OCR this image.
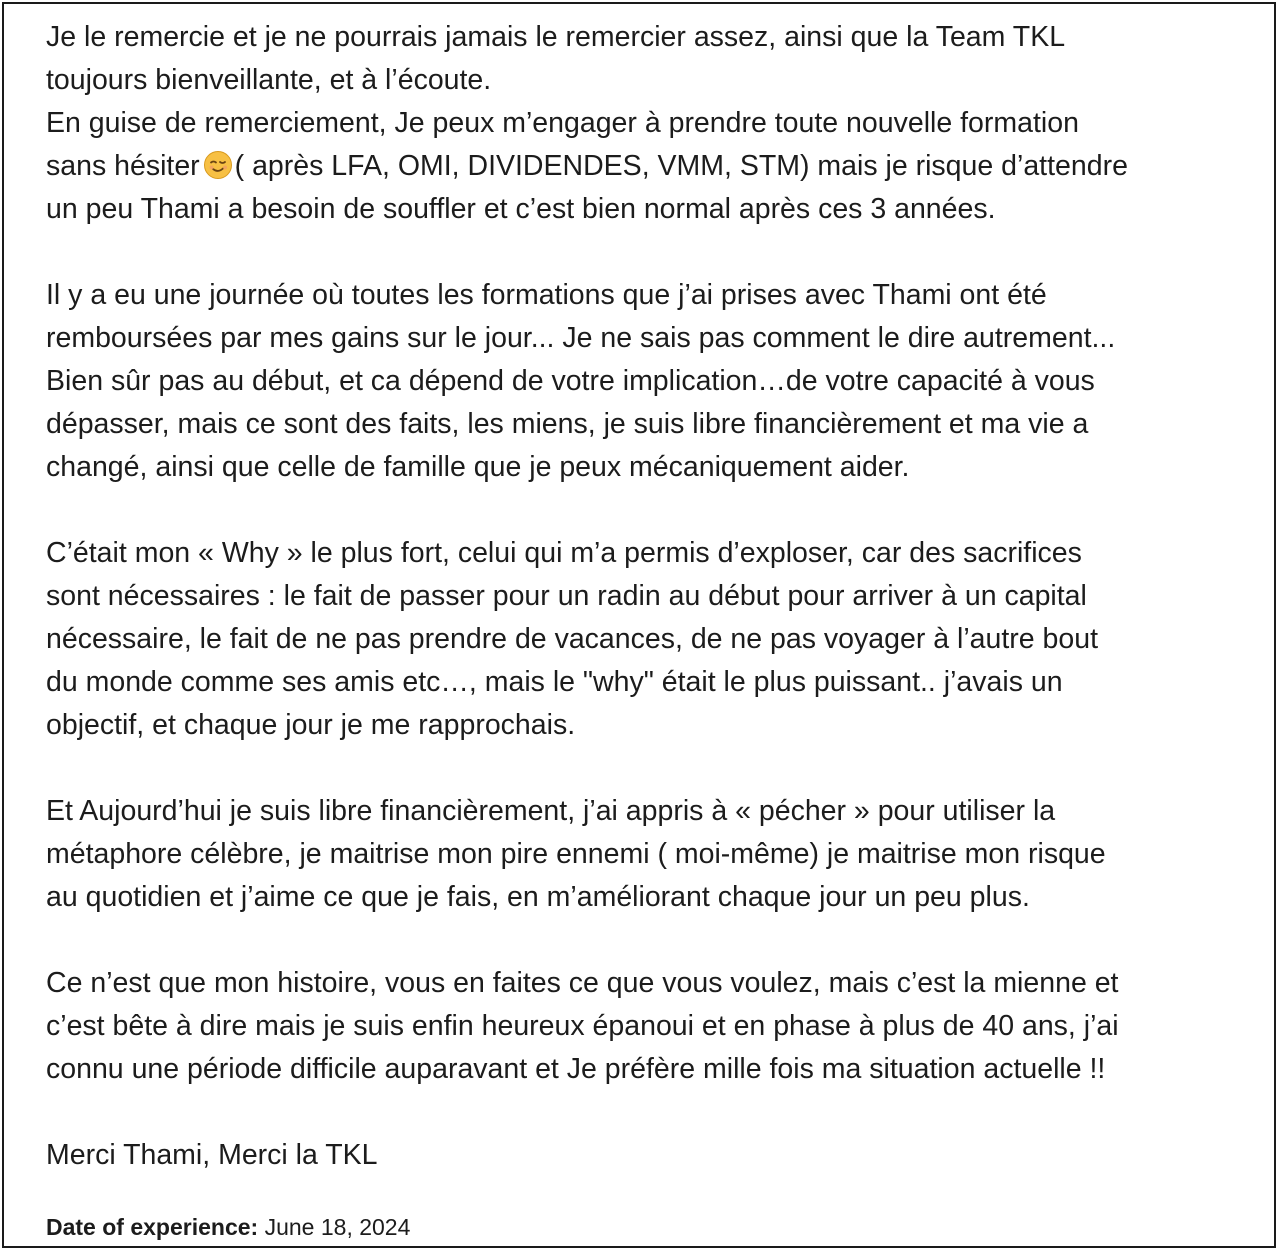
Je le remercie et je ne pourrais jamais le remercier assez, ainsi que la Team TKL
toujours bienveillante, et à l’écoute.
En guise de remerciement, Je peux m’engager à prendre toute nouvelle formation
sans hésiter ( après LFA, OMI, DIVIDENDES, VMM, STM) mais je risque d’attendre
un peu Thami a besoin de souffler et c’est bien normal après ces 3 années.
Il y a eu une journée où toutes les formations que j’ai prises avec Thami ont été
remboursées par mes gains sur le jour... Je ne sais pas comment le dire autrement...
Bien sûr pas au début, et ca dépend de votre implication…de votre capacité à vous
dépasser, mais ce sont des faits, les miens, je suis libre financièrement et ma vie a
changé, ainsi que celle de famille que je peux mécaniquement aider.
C’était mon « Why » le plus fort, celui qui m’a permis d’exploser, car des sacrifices
sont nécessaires : le fait de passer pour un radin au début pour arriver à un capital
nécessaire, le fait de ne pas prendre de vacances, de ne pas voyager à l’autre bout
du monde comme ses amis etc…, mais le "why" était le plus puissant.. j’avais un
objectif, et chaque jour je me rapprochais.
Et Aujourd’hui je suis libre financièrement, j’ai appris à « pécher » pour utiliser la
métaphore célèbre, je maitrise mon pire ennemi ( moi-même) je maitrise mon risque
au quotidien et j’aime ce que je fais, en m’améliorant chaque jour un peu plus.
Ce n’est que mon histoire, vous en faites ce que vous voulez, mais c’est la mienne et
c’est bête à dire mais je suis enfin heureux épanoui et en phase à plus de 40 ans, j’ai
connu une période difficile auparavant et Je préfère mille fois ma situation actuelle !!
Merci Thami, Merci la TKL
Date of experience: June 18, 2024
